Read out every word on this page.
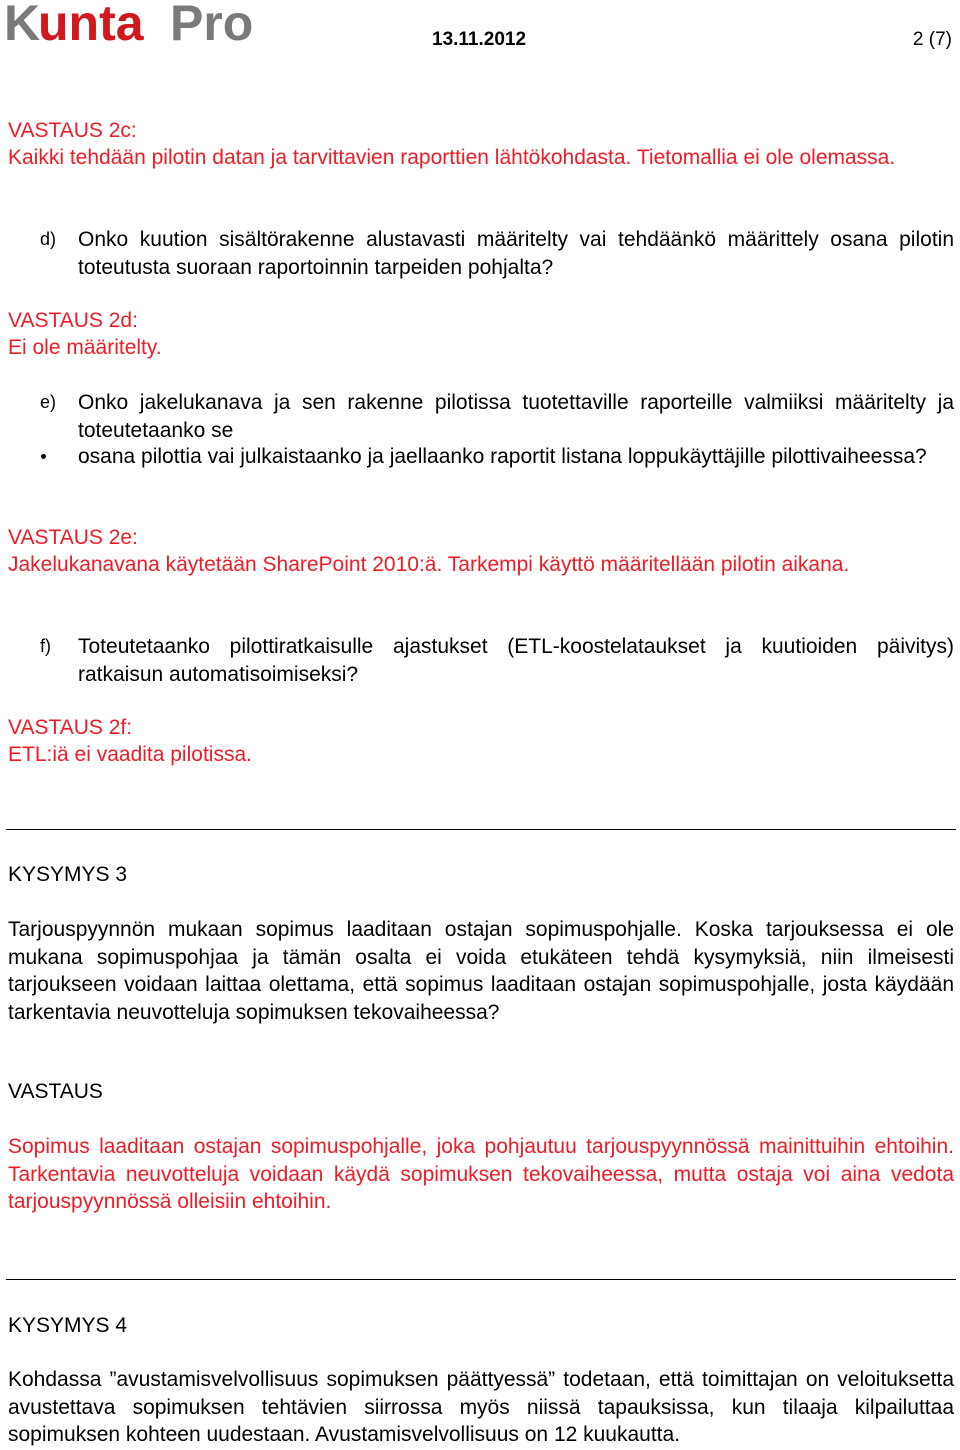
K
unta Pro	13.11.2012	2 (7)
VASTAUS 2c:
Kaikki tehdään pilotin datan ja tarvittavien raporttien lähtökohdasta. Tietomallia ei ole olemassa.
d) Onko kuution sisältörakenne alustavasti määritelty vai tehdäänkö määrittely osana pilotin toteutusta suoraan raportoinnin tarpeiden pohjalta?
VASTAUS 2d:
Ei ole määritelty.
e) Onko jakelukanava ja sen rakenne pilotissa tuotettaville raporteille valmiiksi määritelty ja toteutetaanko se
osana pilottia vai julkaistaanko ja jaellaanko raportit listana loppukäyttäjille pilottivaiheessa?
VASTAUS 2e:
Jakelukanavana käytetään SharePoint 2010:ä. Tarkempi käyttö määritellään pilotin aikana.
f) Toteutetaanko pilottiratkaisulle ajastukset (ETL-koostelataukset ja kuutioiden päivitys) ratkaisun automatisoimiseksi?
VASTAUS 2f:
ETL:iä ei vaadita pilotissa.
KYSYMYS 3
Tarjouspyynnön mukaan sopimus laaditaan ostajan sopimuspohjalle. Koska tarjouksessa ei ole mukana sopimuspohjaa ja tämän osalta ei voida etukäteen tehdä kysymyksiä, niin ilmeisesti tarjoukseen voidaan laittaa olettama, että sopimus laaditaan ostajan sopimuspohjalle, josta käydään tarkentavia neuvotteluja sopimuksen tekovaiheessa?
VASTAUS
Sopimus laaditaan ostajan sopimuspohjalle, joka pohjautuu tarjouspyynnössä mainittuihin ehtoihin. Tarkentavia neuvotteluja voidaan käydä sopimuksen tekovaiheessa, mutta ostaja voi aina vedota tarjouspyynnössä olleisiin ehtoihin.
KYSYMYS 4
Kohdassa ”avustamisvelvollisuus sopimuksen päättyessä” todetaan, että toimittajan on veloituksetta avustettava sopimuksen tehtävien siirrossa myös niissä tapauksissa, kun tilaaja kilpailuttaa sopimuksen kohteen uudestaan. Avustamisvelvollisuus on 12 kuukautta.
